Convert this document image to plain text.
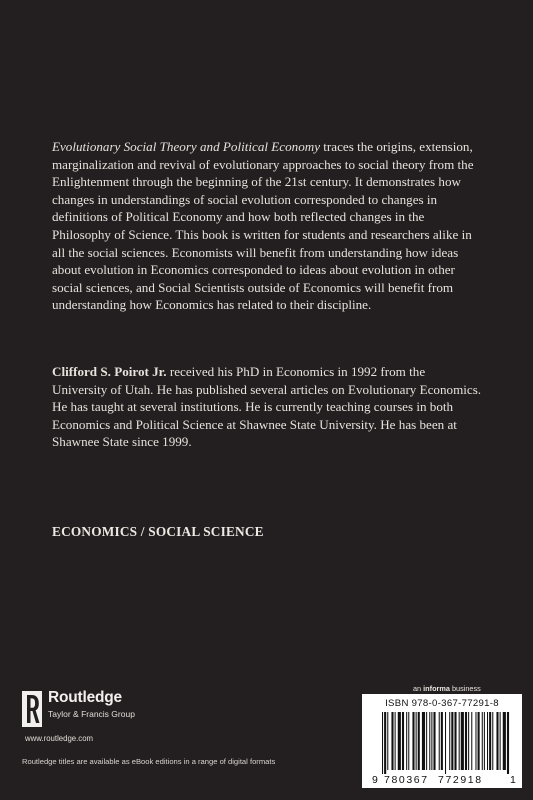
Evolutionary Social Theory and Political Economy traces the origins, extension, marginalization and revival of evolutionary approaches to social theory from the Enlightenment through the beginning of the 21st century. It demonstrates how changes in understandings of social evolution corresponded to changes in definitions of Political Economy and how both reflected changes in the Philosophy of Science. This book is written for students and researchers alike in all the social sciences. Economists will benefit from understanding how ideas about evolution in Economics corresponded to ideas about evolution in other social sciences, and Social Scientists outside of Economics will benefit from understanding how Economics has related to their discipline.
Clifford S. Poirot Jr. received his PhD in Economics in 1992 from the University of Utah. He has published several articles on Evolutionary Economics. He has taught at several institutions. He is currently teaching courses in both Economics and Political Science at Shawnee State University. He has been at Shawnee State since 1999.
ECONOMICS / SOCIAL SCIENCE
Routledge
Taylor & Francis Group
www.routledge.com
Routledge titles are available as eBook editions in a range of digital formats
an informa business
ISBN 978-0-367-77291-8
9 780367 772918	1
